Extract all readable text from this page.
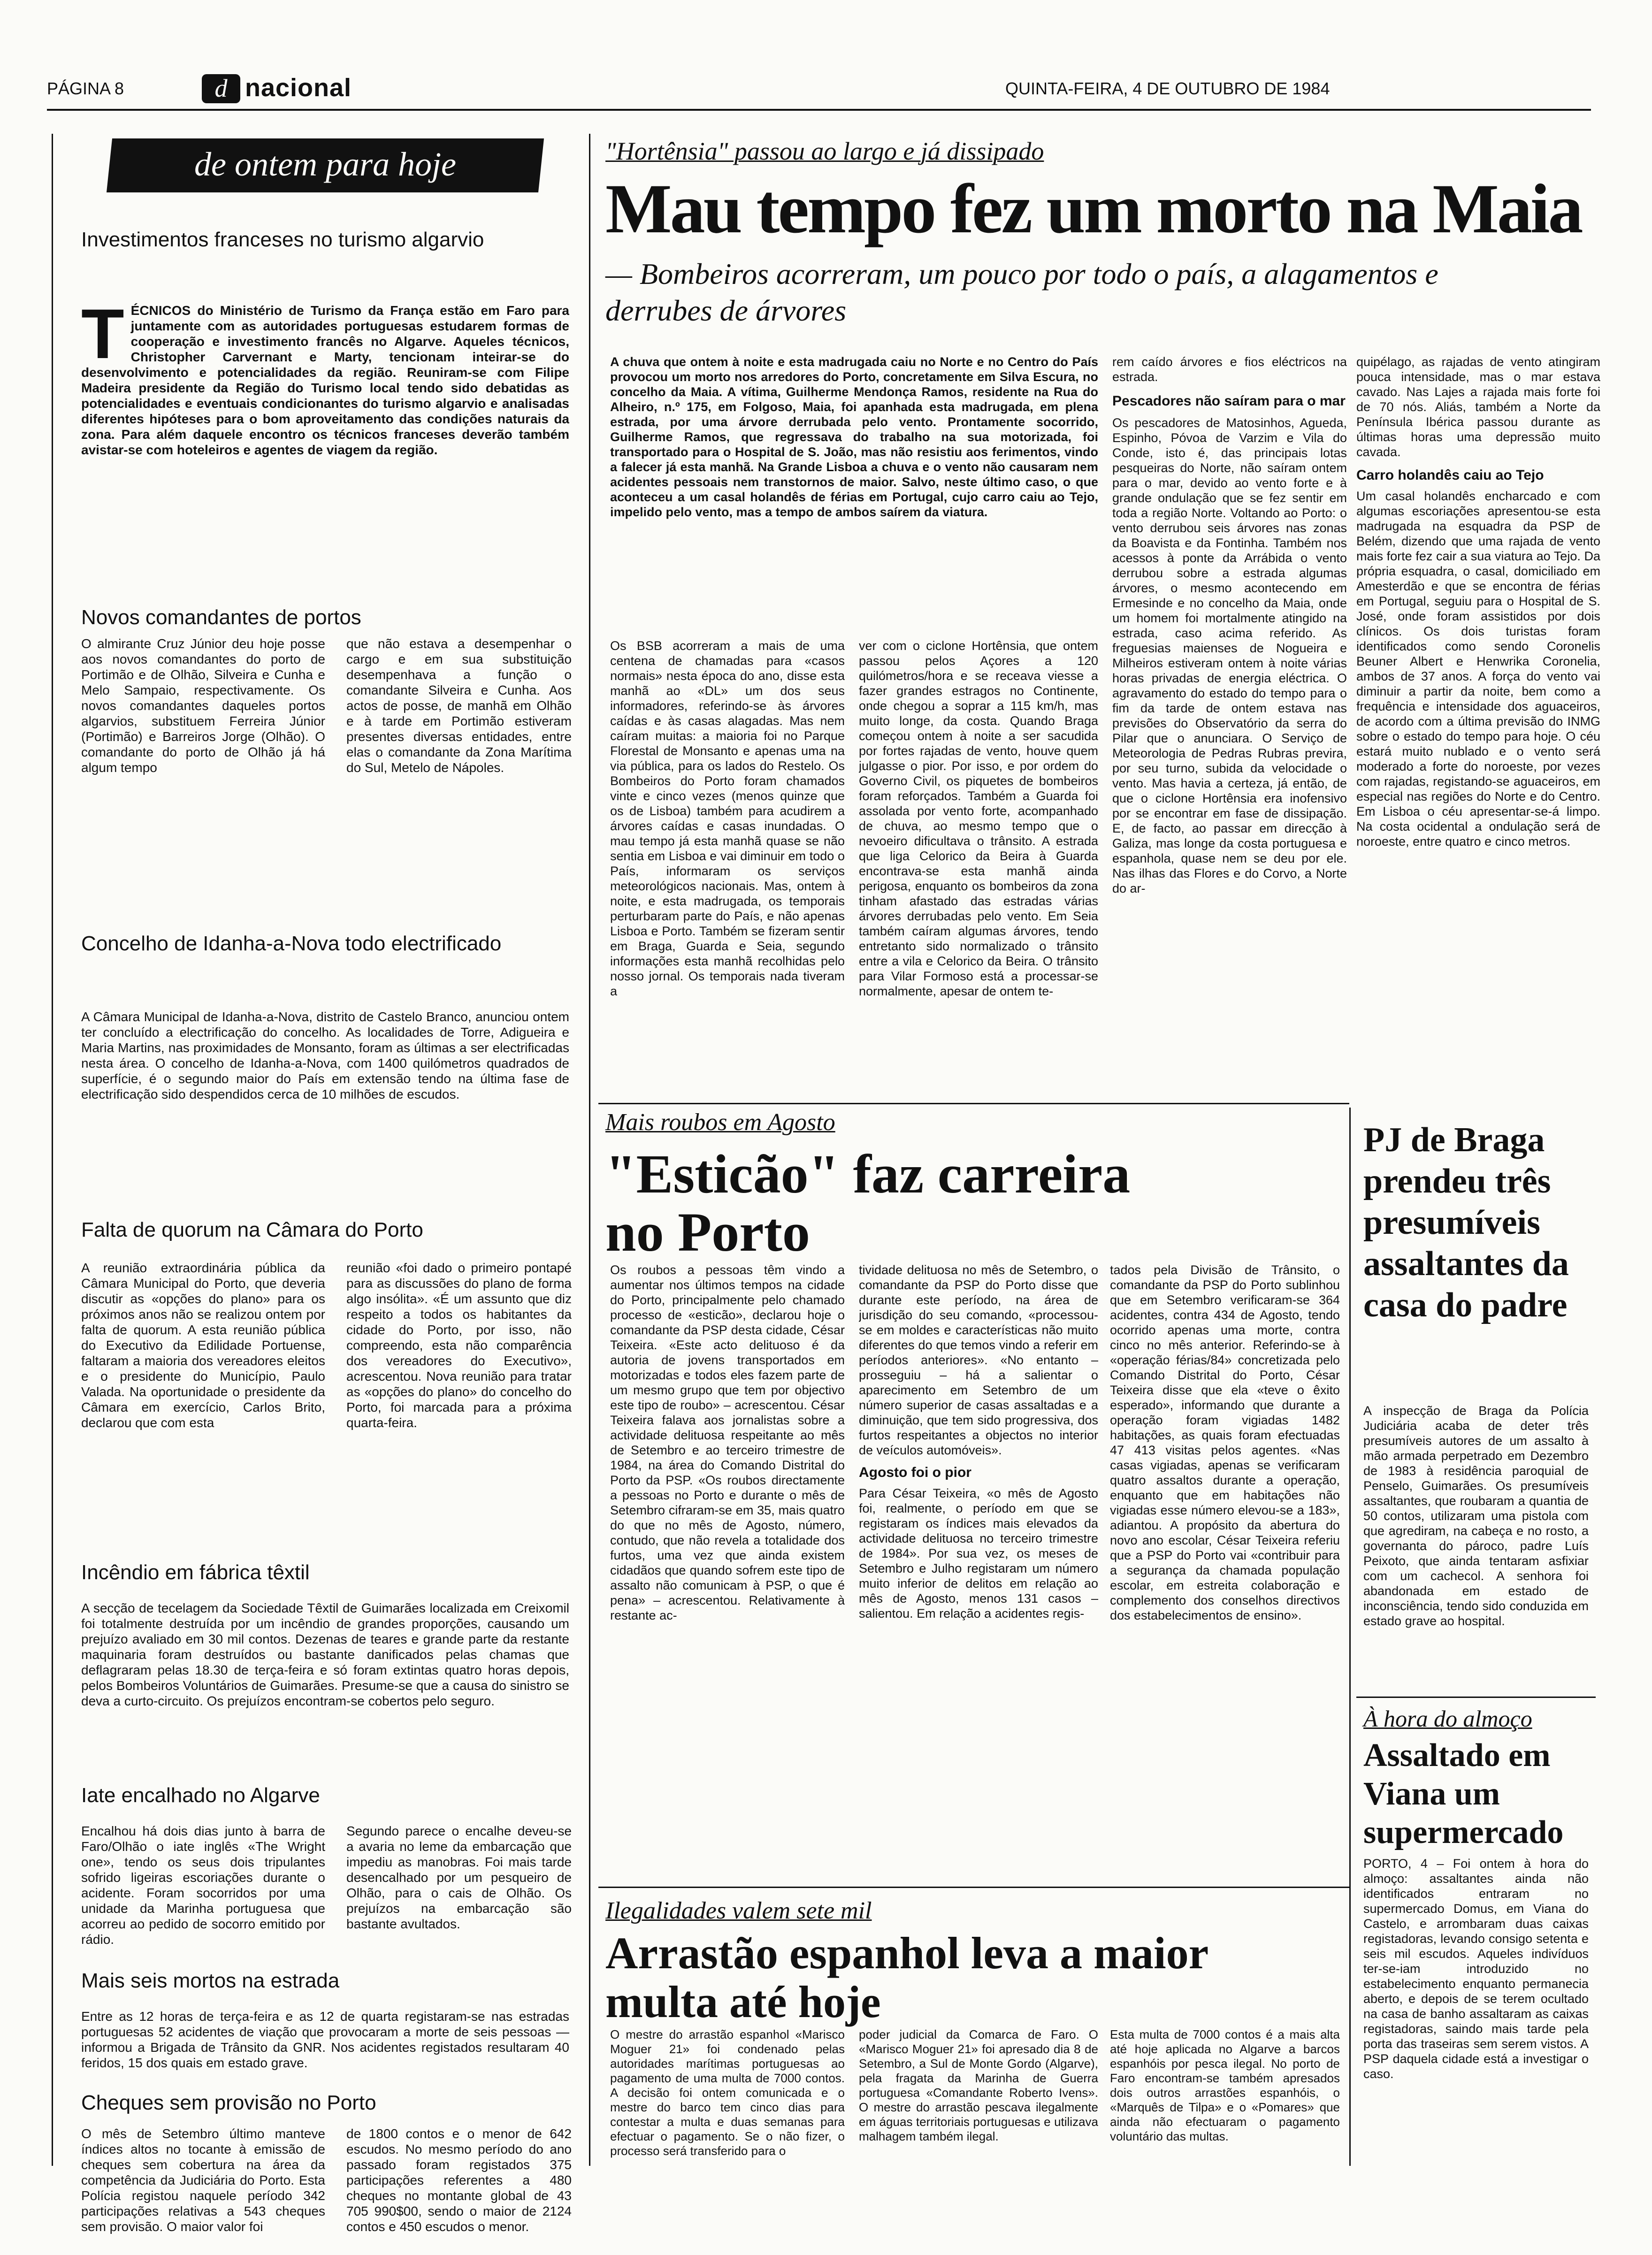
PÁGINA 8	d nacional	QUINTA-FEIRA, 4 DE OUTUBRO DE 1984
de ontem para hoje
Investimentos franceses no turismo algarvio
TÉCNICOS do Ministério de Turismo da França estão em Faro para juntamente com as autoridades portuguesas estudarem formas de cooperação e investimento francês no Algarve. Aqueles técnicos, Christopher Carvernant e Marty, tencionam inteirar-se do desenvolvimento e potencialidades da região. Reuniram-se com Filipe Madeira presidente da Região do Turismo local tendo sido debatidas as potencialidades e eventuais condicionantes do turismo algarvio e analisadas diferentes hipóteses para o bom aproveitamento das condições naturais da zona. Para além daquele encontro os técnicos franceses deverão também avistar-se com hoteleiros e agentes de viagem da região.
Novos comandantes de portos
O almirante Cruz Júnior deu hoje posse aos novos comandantes do porto de Portimão e de Olhão, Silveira e Cunha e Melo Sampaio, respectivamente. Os novos comandantes daqueles portos algarvios, substituem Ferreira Júnior (Portimão) e Barreiros Jorge (Olhão). O comandante do porto de Olhão já há algum tempo
que não estava a desempenhar o cargo e em sua substituição desempenhava a função o comandante Silveira e Cunha. Aos actos de posse, de manhã em Olhão e à tarde em Portimão estiveram presentes diversas entidades, entre elas o comandante da Zona Marítima do Sul, Metelo de Nápoles.
Concelho de Idanha-a-Nova todo electrificado
A Câmara Municipal de Idanha-a-Nova, distrito de Castelo Branco, anunciou ontem ter concluído a electrificação do concelho. As localidades de Torre, Adigueira e Maria Martins, nas proximidades de Monsanto, foram as últimas a ser electrificadas nesta área. O concelho de Idanha-a-Nova, com 1400 quilómetros quadrados de superfície, é o segundo maior do País em extensão tendo na última fase de electrificação sido despendidos cerca de 10 milhões de escudos.
Falta de quorum na Câmara do Porto
A reunião extraordinária pública da Câmara Municipal do Porto, que deveria discutir as «opções do plano» para os próximos anos não se realizou ontem por falta de quorum. A esta reunião pública do Executivo da Edilidade Portuense, faltaram a maioria dos vereadores eleitos e o presidente do Município, Paulo Valada. Na oportunidade o presidente da Câmara em exercício, Carlos Brito, declarou que com esta
reunião «foi dado o primeiro pontapé para as discussões do plano de forma algo insólita». «É um assunto que diz respeito a todos os habitantes da cidade do Porto, por isso, não compreendo, esta não comparência dos vereadores do Executivo», acrescentou. Nova reunião para tratar as «opções do plano» do concelho do Porto, foi marcada para a próxima quarta-feira.
Incêndio em fábrica têxtil
A secção de tecelagem da Sociedade Têxtil de Guimarães localizada em Creixomil foi totalmente destruída por um incêndio de grandes proporções, causando um prejuízo avaliado em 30 mil contos. Dezenas de teares e grande parte da restante maquinaria foram destruídos ou bastante danificados pelas chamas que deflagraram pelas 18.30 de terça-feira e só foram extintas quatro horas depois, pelos Bombeiros Voluntários de Guimarães. Presume-se que a causa do sinistro se deva a curto-circuito. Os prejuízos encontram-se cobertos pelo seguro.
Iate encalhado no Algarve
Encalhou há dois dias junto à barra de Faro/Olhão o iate inglês «The Wright one», tendo os seus dois tripulantes sofrido ligeiras escoriações durante o acidente. Foram socorridos por uma unidade da Marinha portuguesa que acorreu ao pedido de socorro emitido por rádio.
Segundo parece o encalhe deveu-se a avaria no leme da embarcação que impediu as manobras. Foi mais tarde desencalhado por um pesqueiro de Olhão, para o cais de Olhão. Os prejuízos na embarcação são bastante avultados.
Mais seis mortos na estrada
Entre as 12 horas de terça-feira e as 12 de quarta registaram-se nas estradas portuguesas 52 acidentes de viação que provocaram a morte de seis pessoas — informou a Brigada de Trânsito da GNR. Nos acidentes registados resultaram 40 feridos, 15 dos quais em estado grave.
Cheques sem provisão no Porto
O mês de Setembro último manteve índices altos no tocante à emissão de cheques sem cobertura na área da competência da Judiciária do Porto. Esta Polícia registou naquele período 342 participações relativas a 543 cheques sem provisão. O maior valor foi
de 1800 contos e o menor de 642 escudos. No mesmo período do ano passado foram registados 375 participações referentes a 480 cheques no montante global de 43 705 990$00, sendo o maior de 2124 contos e 450 escudos o menor.
"Hortênsia" passou ao largo e já dissipado
Mau tempo fez um morto na Maia
— Bombeiros acorreram, um pouco por todo o país, a alagamentos e derrubes de árvores
A chuva que ontem à noite e esta madrugada caiu no Norte e no Centro do País provocou um morto nos arredores do Porto, concretamente em Silva Escura, no concelho da Maia. A vítima, Guilherme Mendonça Ramos, residente na Rua do Alheiro, n.º 175, em Folgoso, Maia, foi apanhada esta madrugada, em plena estrada, por uma árvore derrubada pelo vento. Prontamente socorrido, Guilherme Ramos, que regressava do trabalho na sua motorizada, foi transportado para o Hospital de S. João, mas não resistiu aos ferimentos, vindo a falecer já esta manhã. Na Grande Lisboa a chuva e o vento não causaram nem acidentes pessoais nem transtornos de maior. Salvo, neste último caso, o que aconteceu a um casal holandês de férias em Portugal, cujo carro caiu ao Tejo, impelido pelo vento, mas a tempo de ambos saírem da viatura.
Os BSB acorreram a mais de uma centena de chamadas para «casos normais» nesta época do ano, disse esta manhã ao «DL» um dos seus informadores, referindo-se às árvores caídas e às casas alagadas. Mas nem caíram muitas: a maioria foi no Parque Florestal de Monsanto e apenas uma na via pública, para os lados do Restelo. Os Bombeiros do Porto foram chamados vinte e cinco vezes (menos quinze que os de Lisboa) também para acudirem a árvores caídas e casas inundadas. O mau tempo já esta manhã quase se não sentia em Lisboa e vai diminuir em todo o País, informaram os serviços meteorológicos nacionais. Mas, ontem à noite, e esta madrugada, os temporais perturbaram parte do País, e não apenas Lisboa e Porto. Também se fizeram sentir em Braga, Guarda e Seia, segundo informações esta manhã recolhidas pelo nosso jornal. Os temporais nada tiveram a
ver com o ciclone Hortênsia, que ontem passou pelos Açores a 120 quilómetros/hora e se receava viesse a fazer grandes estragos no Continente, onde chegou a soprar a 115 km/h, mas muito longe, da costa. Quando Braga começou ontem à noite a ser sacudida por fortes rajadas de vento, houve quem julgasse o pior. Por isso, e por ordem do Governo Civil, os piquetes de bombeiros foram reforçados. Também a Guarda foi assolada por vento forte, acompanhado de chuva, ao mesmo tempo que o nevoeiro dificultava o trânsito. A estrada que liga Celorico da Beira à Guarda encontrava-se esta manhã ainda perigosa, enquanto os bombeiros da zona tinham afastado das estradas várias árvores derrubadas pelo vento. Em Seia também caíram algumas árvores, tendo entretanto sido normalizado o trânsito entre a vila e Celorico da Beira. O trânsito para Vilar Formoso está a processar-se normalmente, apesar de ontem te-
rem caído árvores e fios eléctricos na estrada.
Pescadores não saíram para o mar
Os pescadores de Matosinhos, Agueda, Espinho, Póvoa de Varzim e Vila do Conde, isto é, das principais lotas pesqueiras do Norte, não saíram ontem para o mar, devido ao vento forte e à grande ondulação que se fez sentir em toda a região Norte. Voltando ao Porto: o vento derrubou seis árvores nas zonas da Boavista e da Fontinha. Também nos acessos à ponte da Arrábida o vento derrubou sobre a estrada algumas árvores, o mesmo acontecendo em Ermesinde e no concelho da Maia, onde um homem foi mortalmente atingido na estrada, caso acima referido. As freguesias maienses de Nogueira e Milheiros estiveram ontem à noite várias horas privadas de energia eléctrica. O agravamento do estado do tempo para o fim da tarde de ontem estava nas previsões do Observatório da serra do Pilar que o anunciara. O Serviço de Meteorologia de Pedras Rubras previra, por seu turno, subida da velocidade o vento. Mas havia a certeza, já então, de que o ciclone Hortênsia era inofensivo por se encontrar em fase de dissipação. E, de facto, ao passar em direcção à Galiza, mas longe da costa portuguesa e espanhola, quase nem se deu por ele. Nas ilhas das Flores e do Corvo, a Norte do ar-
quipélago, as rajadas de vento atingiram pouca intensidade, mas o mar estava cavado. Nas Lajes a rajada mais forte foi de 70 nós. Aliás, também a Norte da Península Ibérica passou durante as últimas horas uma depressão muito cavada.
Carro holandês caiu ao Tejo
Um casal holandês encharcado e com algumas escoriações apresentou-se esta madrugada na esquadra da PSP de Belém, dizendo que uma rajada de vento mais forte fez cair a sua viatura ao Tejo. Da própria esquadra, o casal, domiciliado em Amesterdão e que se encontra de férias em Portugal, seguiu para o Hospital de S. José, onde foram assistidos por dois clínicos. Os dois turistas foram identificados como sendo Coronelis Beuner Albert e Henwrika Coronelia, ambos de 37 anos. A força do vento vai diminuir a partir da noite, bem como a frequência e intensidade dos aguaceiros, de acordo com a última previsão do INMG sobre o estado do tempo para hoje. O céu estará muito nublado e o vento será moderado a forte do noroeste, por vezes com rajadas, registando-se aguaceiros, em especial nas regiões do Norte e do Centro. Em Lisboa o céu apresentar-se-á limpo. Na costa ocidental a ondulação será de noroeste, entre quatro e cinco metros.
Mais roubos em Agosto
"Esticão" faz carreira no Porto
Os roubos a pessoas têm vindo a aumentar nos últimos tempos na cidade do Porto, principalmente pelo chamado processo de «esticão», declarou hoje o comandante da PSP desta cidade, César Teixeira. «Este acto delituoso é da autoria de jovens transportados em motorizadas e todos eles fazem parte de um mesmo grupo que tem por objectivo este tipo de roubo» – acrescentou. César Teixeira falava aos jornalistas sobre a actividade delituosa respeitante ao mês de Setembro e ao terceiro trimestre de 1984, na área do Comando Distrital do Porto da PSP. «Os roubos directamente a pessoas no Porto e durante o mês de Setembro cifraram-se em 35, mais quatro do que no mês de Agosto, número, contudo, que não revela a totalidade dos furtos, uma vez que ainda existem cidadãos que quando sofrem este tipo de assalto não comunicam à PSP, o que é pena» – acrescentou. Relativamente à restante ac-
tividade delituosa no mês de Setembro, o comandante da PSP do Porto disse que durante este período, na área de jurisdição do seu comando, «processou-se em moldes e características não muito diferentes do que temos vindo a referir em períodos anteriores». «No entanto – prosseguiu – há a salientar o aparecimento em Setembro de um número superior de casas assaltadas e a diminuição, que tem sido progressiva, dos furtos respeitantes a objectos no interior de veículos automóveis».
Agosto foi o pior
Para César Teixeira, «o mês de Agosto foi, realmente, o período em que se registaram os índices mais elevados da actividade delituosa no terceiro trimestre de 1984». Por sua vez, os meses de Setembro e Julho registaram um número muito inferior de delitos em relação ao mês de Agosto, menos 131 casos – salientou. Em relação a acidentes regis-
tados pela Divisão de Trânsito, o comandante da PSP do Porto sublinhou que em Setembro verificaram-se 364 acidentes, contra 434 de Agosto, tendo ocorrido apenas uma morte, contra cinco no mês anterior. Referindo-se à «operação férias/84» concretizada pelo Comando Distrital do Porto, César Teixeira disse que ela «teve o êxito esperado», informando que durante a operação foram vigiadas 1482 habitações, as quais foram efectuadas 47 413 visitas pelos agentes. «Nas casas vigiadas, apenas se verificaram quatro assaltos durante a operação, enquanto que em habitações não vigiadas esse número elevou-se a 183», adiantou. A propósito da abertura do novo ano escolar, César Teixeira referiu que a PSP do Porto vai «contribuir para a segurança da chamada população escolar, em estreita colaboração e complemento dos conselhos directivos dos estabelecimentos de ensino».
Ilegalidades valem sete mil
Arrastão espanhol leva a maior multa até hoje
O mestre do arrastão espanhol «Marisco Moguer 21» foi condenado pelas autoridades marítimas portuguesas ao pagamento de uma multa de 7000 contos. A decisão foi ontem comunicada e o mestre do barco tem cinco dias para contestar a multa e duas semanas para efectuar o pagamento. Se o não fizer, o processo será transferido para o
poder judicial da Comarca de Faro. O «Marisco Moguer 21» foi apresado dia 8 de Setembro, a Sul de Monte Gordo (Algarve), pela fragata da Marinha de Guerra portuguesa «Comandante Roberto Ivens». O mestre do arrastão pescava ilegalmente em águas territoriais portuguesas e utilizava malhagem também ilegal.
Esta multa de 7000 contos é a mais alta até hoje aplicada no Algarve a barcos espanhóis por pesca ilegal. No porto de Faro encontram-se também apresados dois outros arrastões espanhóis, o «Marquês de Tilpa» e o «Pomares» que ainda não efectuaram o pagamento voluntário das multas.
PJ de Braga prendeu três presumíveis assaltantes da casa do padre
A inspecção de Braga da Polícia Judiciária acaba de deter três presumíveis autores de um assalto à mão armada perpetrado em Dezembro de 1983 à residência paroquial de Penselo, Guimarães. Os presumíveis assaltantes, que roubaram a quantia de 50 contos, utilizaram uma pistola com que agrediram, na cabeça e no rosto, a governanta do pároco, padre Luís Peixoto, que ainda tentaram asfixiar com um cachecol. A senhora foi abandonada em estado de inconsciência, tendo sido conduzida em estado grave ao hospital.
À hora do almoço
Assaltado em Viana um supermercado
PORTO, 4 – Foi ontem à hora do almoço: assaltantes ainda não identificados entraram no supermercado Domus, em Viana do Castelo, e arrombaram duas caixas registadoras, levando consigo setenta e seis mil escudos. Aqueles indivíduos ter-se-iam introduzido no estabelecimento enquanto permanecia aberto, e depois de se terem ocultado na casa de banho assaltaram as caixas registadoras, saindo mais tarde pela porta das traseiras sem serem vistos. A PSP daquela cidade está a investigar o caso.
